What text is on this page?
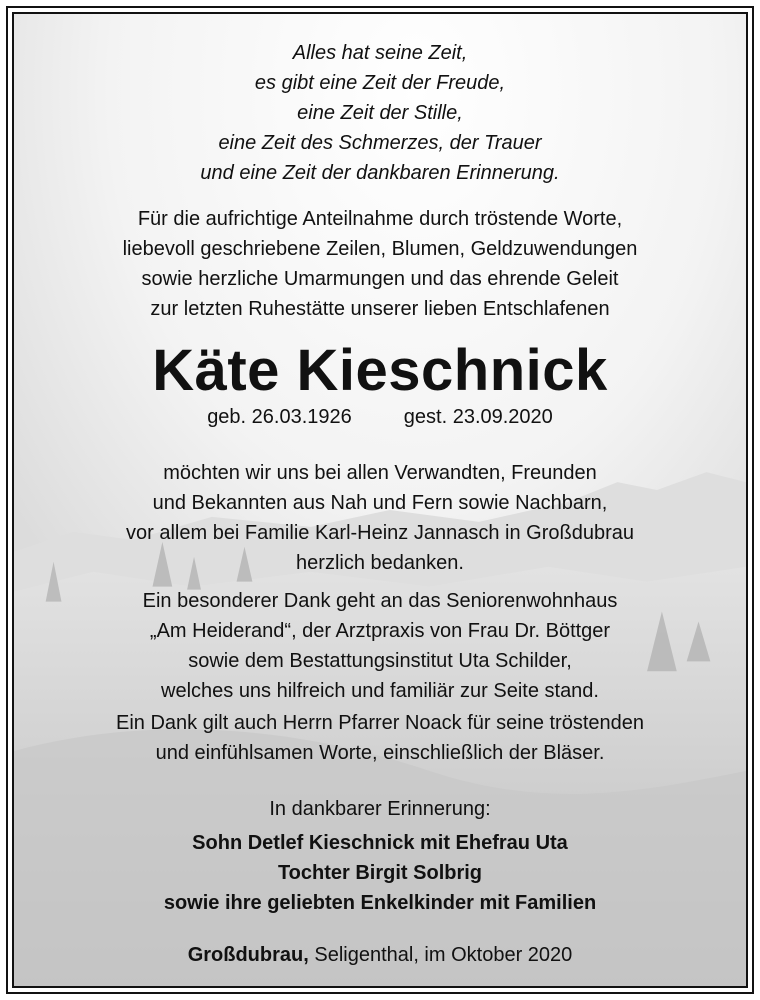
Alles hat seine Zeit,
es gibt eine Zeit der Freude,
eine Zeit der Stille,
eine Zeit des Schmerzes, der Trauer
und eine Zeit der dankbaren Erinnerung.
Für die aufrichtige Anteilnahme durch tröstende Worte,
liebevoll geschriebene Zeilen, Blumen, Geldzuwendungen
sowie herzliche Umarmungen und das ehrende Geleit
zur letzten Ruhestätte unserer lieben Entschlafenen
Käte Kieschnick
geb. 26.03.1926	gest. 23.09.2020
möchten wir uns bei allen Verwandten, Freunden
und Bekannten aus Nah und Fern sowie Nachbarn,
vor allem bei Familie Karl-Heinz Jannasch in Großdubrau
herzlich bedanken.
Ein besonderer Dank geht an das Seniorenwohnhaus
„Am Heiderand“, der Arztpraxis von Frau Dr. Böttger
sowie dem Bestattungsinstitut Uta Schilder,
welches uns hilfreich und familiär zur Seite stand.
Ein Dank gilt auch Herrn Pfarrer Noack für seine tröstenden
und einfühlsamen Worte, einschließlich der Bläser.
In dankbarer Erinnerung:
Sohn Detlef Kieschnick mit Ehefrau Uta
Tochter Birgit Solbrig
sowie ihre geliebten Enkelkinder mit Familien
Großdubrau, Seligenthal, im Oktober 2020
